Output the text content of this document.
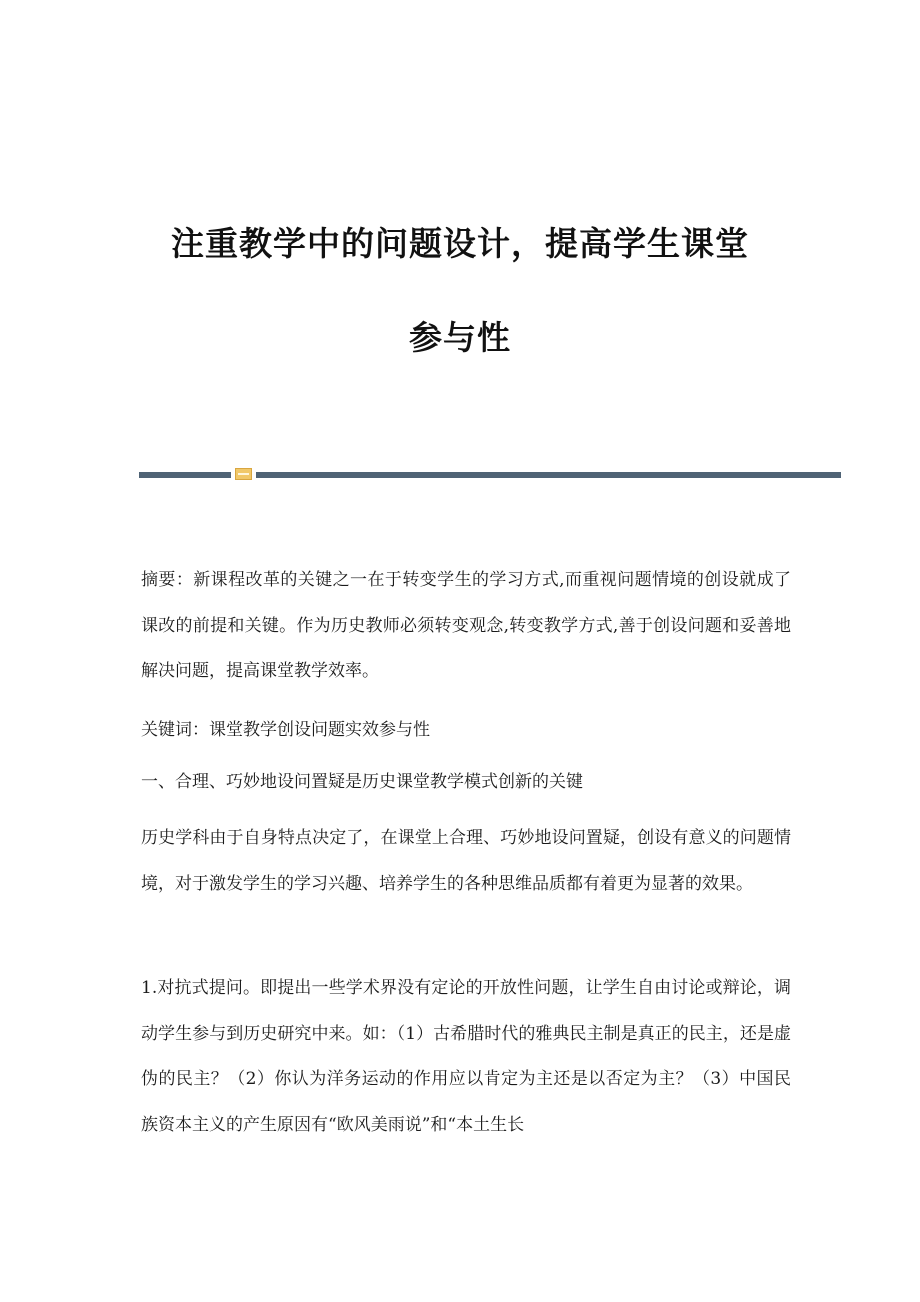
注重教学中的问题设计，提高学生课堂
参与性

摘要：新课程改革的关键之一在于转变学生的学习方式,而重视问题情境的创设就成了课改的前提和关键。作为历史教师必须转变观念,转变教学方式,善于创设问题和妥善地解决问题，提高课堂教学效率。

关键词：课堂教学创设问题实效参与性

一、合理、巧妙地设问置疑是历史课堂教学模式创新的关键

历史学科由于自身特点决定了，在课堂上合理、巧妙地设问置疑，创设有意义的问题情境，对于激发学生的学习兴趣、培养学生的各种思维品质都有着更为显著的效果。

1.对抗式提问。即提出一些学术界没有定论的开放性问题，让学生自由讨论或辩论，调动学生参与到历史研究中来。如：（1）古希腊时代的雅典民主制是真正的民主，还是虚伪的民主？（2）你认为洋务运动的作用应以肯定为主还是以否定为主？（3）中国民族资本主义的产生原因有“欧风美雨说”和“本土生长
